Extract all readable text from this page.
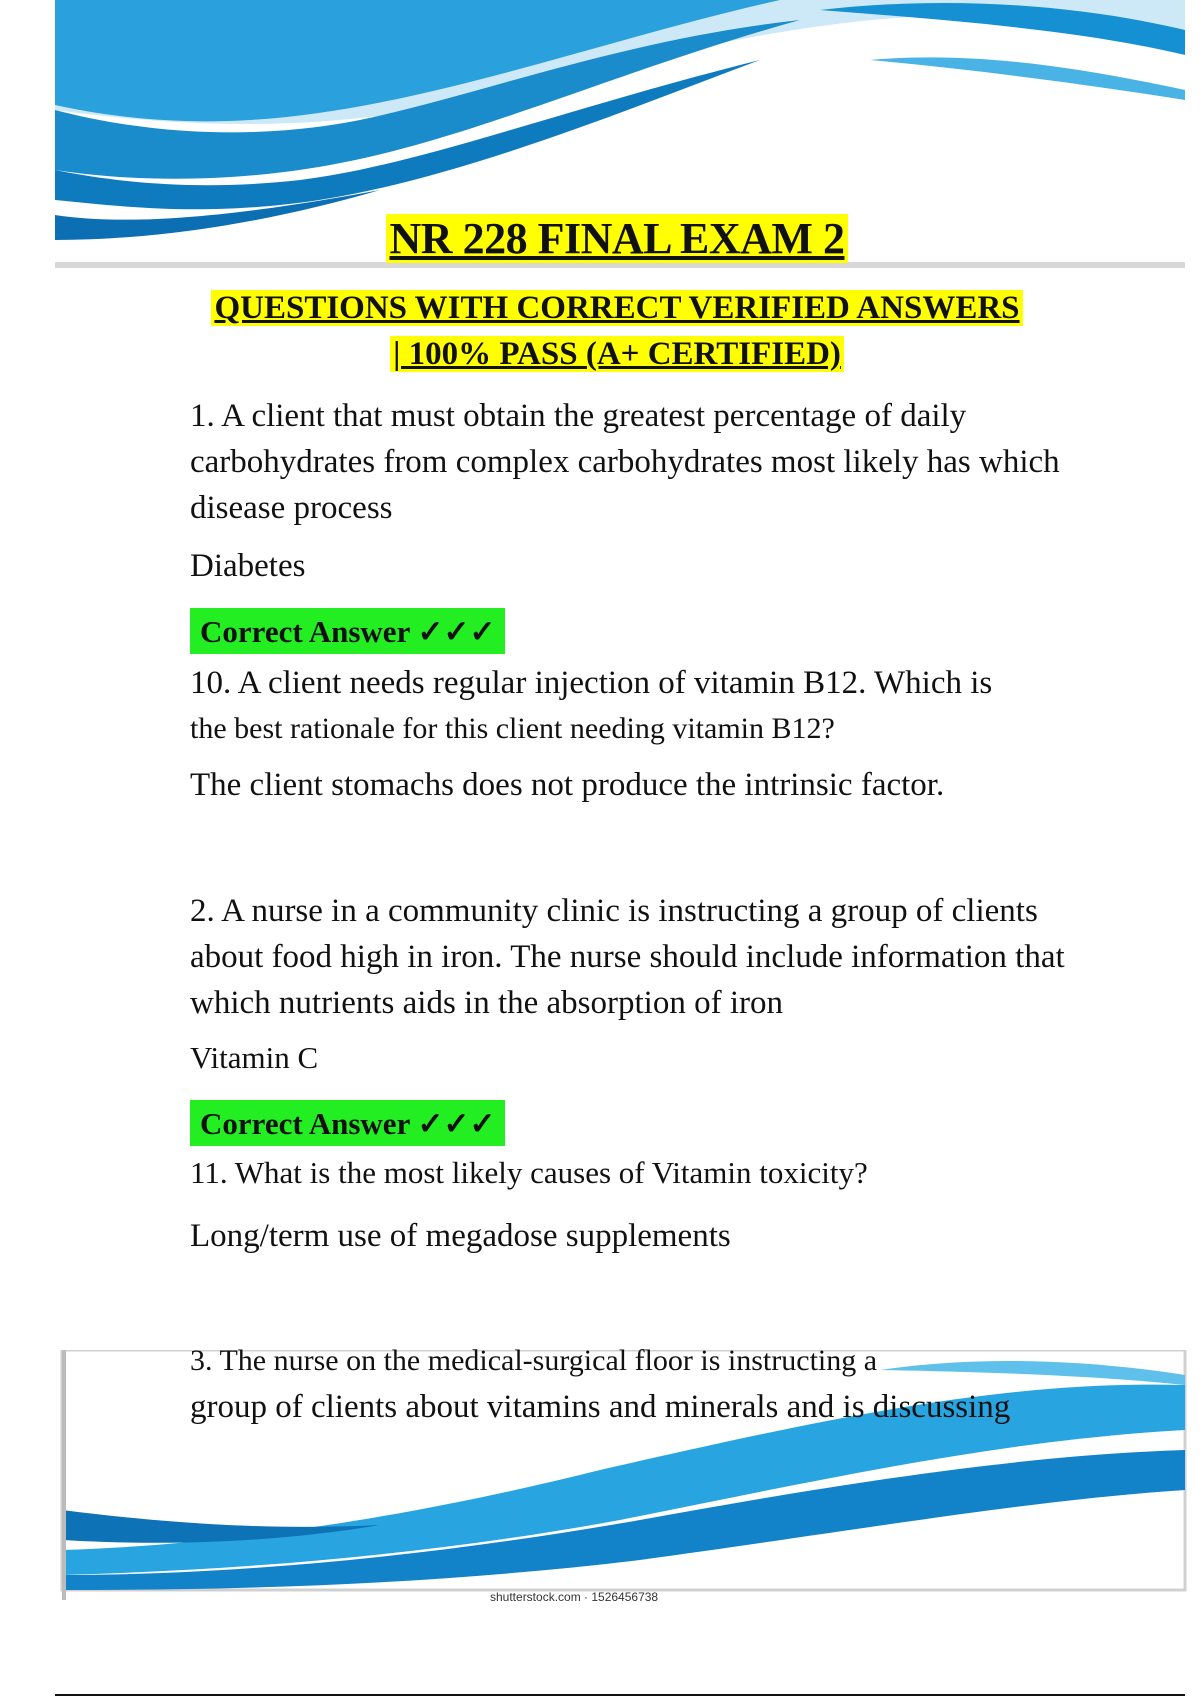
NR 228 FINAL EXAM 2
QUESTIONS WITH CORRECT VERIFIED ANSWERS
| 100% PASS (A+ CERTIFIED)
1. A client that must obtain the greatest percentage of daily carbohydrates from complex carbohydrates most likely has which disease process
Diabetes
Correct Answer ✓✓✓
10. A client needs regular injection of vitamin B12. Which is
the best rationale for this client needing vitamin B12?
The client stomachs does not produce the intrinsic factor.
2. A nurse in a community clinic is instructing a group of clients about food high in iron. The nurse should include information that which nutrients aids in the absorption of iron
Vitamin C
Correct Answer ✓✓✓
11. What is the most likely causes of Vitamin toxicity?
Long/term use of megadose supplements
3. The nurse on the medical-surgical floor is instructing a
group of clients about vitamins and minerals and is discussing
shutterstock.com · 1526456738
